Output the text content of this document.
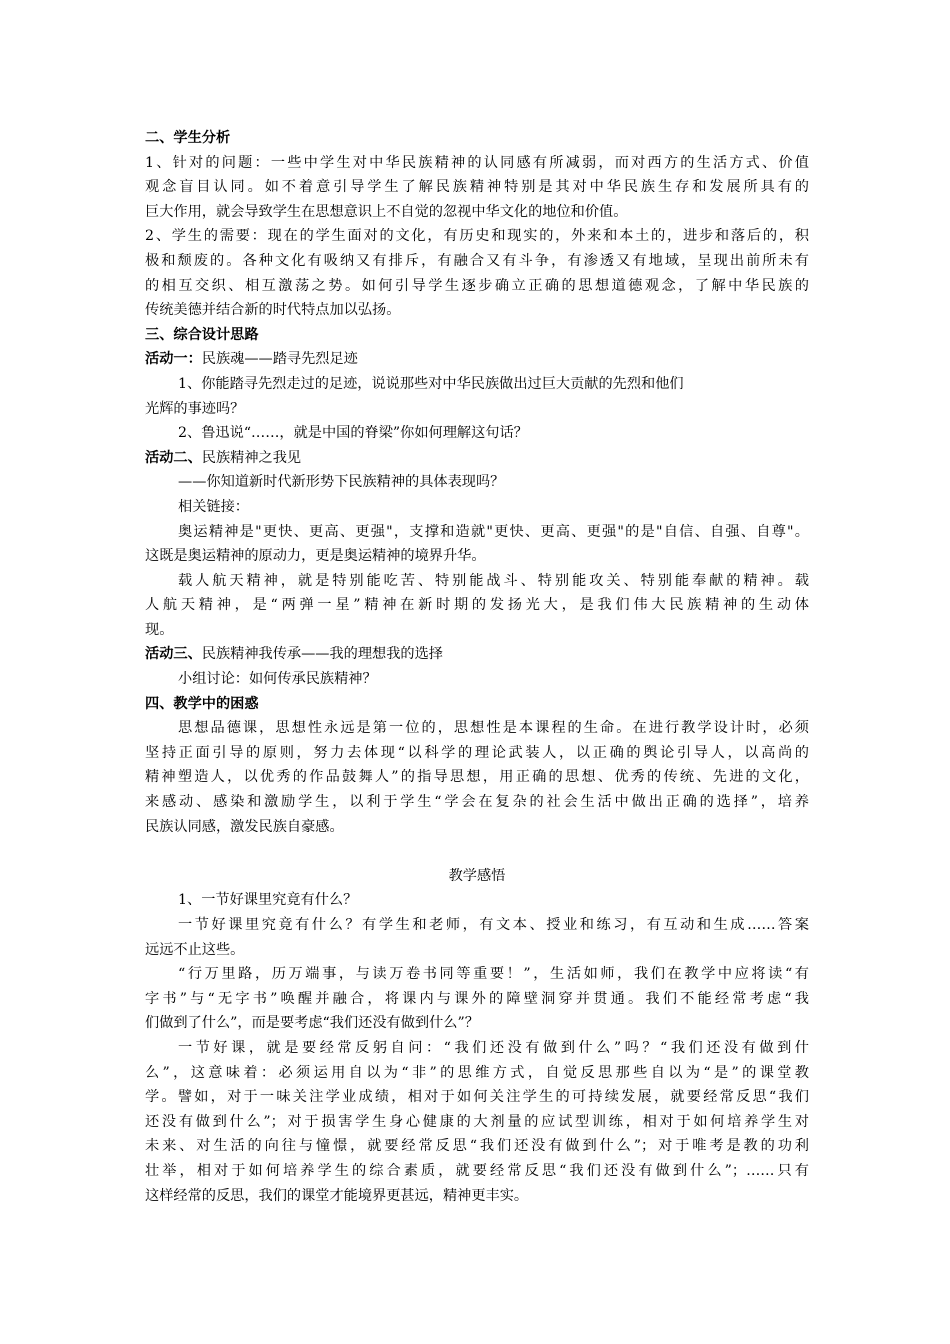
二、学生分析
1、针对的问题：一些中学生对中华民族精神的认同感有所减弱，而对西方的生活方式、价值
观念盲目认同。如不着意引导学生了解民族精神特别是其对中华民族生存和发展所具有的
巨大作用，就会导致学生在思想意识上不自觉的忽视中华文化的地位和价值。
2、学生的需要：现在的学生面对的文化，有历史和现实的，外来和本土的，进步和落后的，积
极和颓废的。各种文化有吸纳又有排斥，有融合又有斗争，有渗透又有地域，呈现出前所未有
的相互交织、相互激荡之势。如何引导学生逐步确立正确的思想道德观念，了解中华民族的
传统美德并结合新的时代特点加以弘扬。
三、综合设计思路
活动一：民族魂——踏寻先烈足迹
1、你能踏寻先烈走过的足迹，说说那些对中华民族做出过巨大贡献的先烈和他们
光辉的事迹吗？
2、鲁迅说“……，就是中国的脊梁”你如何理解这句话？
活动二、民族精神之我见
——你知道新时代新形势下民族精神的具体表现吗？
相关链接：
奥运精神是"更快、更高、更强"，支撑和造就"更快、更高、更强"的是"自信、自强、自尊"。
这既是奥运精神的原动力，更是奥运精神的境界升华。
载人航天精神，就是特别能吃苦、特别能战斗、特别能攻关、特别能奉献的精神。载
人航天精神，是“两弹一星”精神在新时期的发扬光大，是我们伟大民族精神的生动体
现。
活动三、民族精神我传承——我的理想我的选择
小组讨论：如何传承民族精神？
四、教学中的困惑
思想品德课，思想性永远是第一位的，思想性是本课程的生命。在进行教学设计时，必须
坚持正面引导的原则，努力去体现“以科学的理论武装人，以正确的舆论引导人，以高尚的
精神塑造人，以优秀的作品鼓舞人”的指导思想，用正确的思想、优秀的传统、先进的文化，
来感动、感染和激励学生，以利于学生“学会在复杂的社会生活中做出正确的选择”，培养
民族认同感，激发民族自豪感。
教学感悟
1、一节好课里究竟有什么？
一节好课里究竟有什么？有学生和老师，有文本、授业和练习，有互动和生成……答案
远远不止这些。
“行万里路，历万端事，与读万卷书同等重要！”，生活如师，我们在教学中应将读“有
字书”与“无字书”唤醒并融合，将课内与课外的障壁洞穿并贯通。我们不能经常考虑“我
们做到了什么”，而是要考虑“我们还没有做到什么”？
一节好课，就是要经常反躬自问：“我们还没有做到什么”吗？“我们还没有做到什
么”，这意味着：必须运用自以为“非”的思维方式，自觉反思那些自以为“是”的课堂教
学。譬如，对于一味关注学业成绩，相对于如何关注学生的可持续发展，就要经常反思“我们
还没有做到什么”；对于损害学生身心健康的大剂量的应试型训练，相对于如何培养学生对
未来、对生活的向往与憧憬，就要经常反思“我们还没有做到什么”；对于唯考是教的功利
壮举，相对于如何培养学生的综合素质，就要经常反思“我们还没有做到什么”；……只有
这样经常的反思，我们的课堂才能境界更甚远，精神更丰实。
